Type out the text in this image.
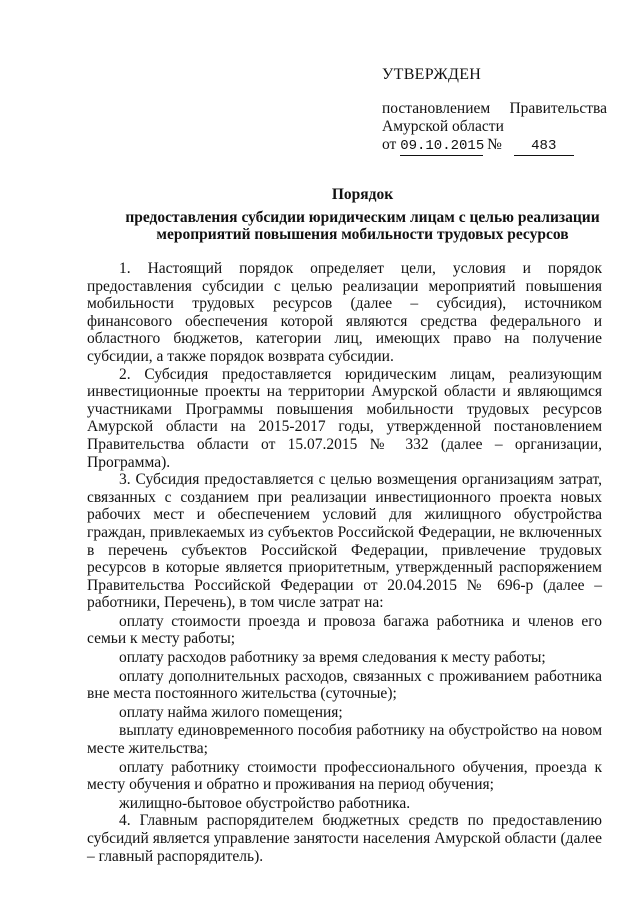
УТВЕРЖДЕН
постановлением Правительства
Амурской области
от 09.10.2015 № 483
Порядок
предоставления субсидии юридическим лицам с целью реализации мероприятий повышения мобильности трудовых ресурсов

1. Настоящий порядок определяет цели, условия и порядок предоставления субсидии с целью реализации мероприятий повышения мобильности трудовых ресурсов (далее – субсидия), источником финансового обеспечения которой являются средства федерального и областного бюджетов, категории лиц, имеющих право на получение субсидии, а также порядок возврата субсидии.

2. Субсидия предоставляется юридическим лицам, реализующим инвестиционные проекты на территории Амурской области и являющимся участниками Программы повышения мобильности трудовых ресурсов Амурской области на 2015-2017 годы, утвержденной постановлением Правительства области от 15.07.2015 № 332 (далее – организации, Программа).

3. Субсидия предоставляется с целью возмещения организациям затрат, связанных с созданием при реализации инвестиционного проекта новых рабочих мест и обеспечением условий для жилищного обустройства граждан, привлекаемых из субъектов Российской Федерации, не включенных в перечень субъектов Российской Федерации, привлечение трудовых ресурсов в которые является приоритетным, утвержденный распоряжением Правительства Российской Федерации от 20.04.2015 № 696-р (далее – работники, Перечень), в том числе затрат на:

оплату стоимости проезда и провоза багажа работника и членов его семьи к месту работы;

оплату расходов работнику за время следования к месту работы;

оплату дополнительных расходов, связанных с проживанием работника вне места постоянного жительства (суточные);

оплату найма жилого помещения;

выплату единовременного пособия работнику на обустройство на новом месте жительства;

оплату работнику стоимости профессионального обучения, проезда к месту обучения и обратно и проживания на период обучения;

жилищно-бытовое обустройство работника.

4. Главным распорядителем бюджетных средств по предоставлению субсидий является управление занятости населения Амурской области (далее – главный распорядитель).
